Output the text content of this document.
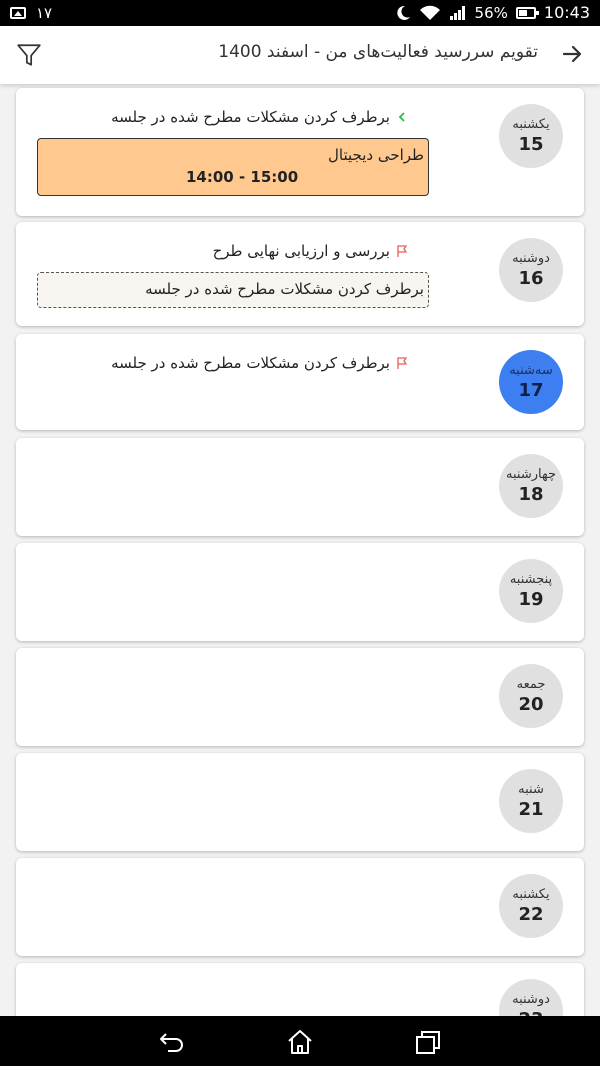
۱۷	56% 10:43
تقویم سررسید فعالیت‌های من - اسفند 1400
یکشنبه
15
برطرف کردن مشکلات مطرح شده در جلسه
طراحی دیجیتال
14:00 - 15:00
دوشنبه
16
بررسی و ارزیابی نهایی طرح
برطرف کردن مشکلات مطرح شده در جلسه
سه‌شنبه
17
برطرف کردن مشکلات مطرح شده در جلسه
چهارشنبه
18
پنجشنبه
19
جمعه
20
شنبه
21
یکشنبه
22
دوشنبه
